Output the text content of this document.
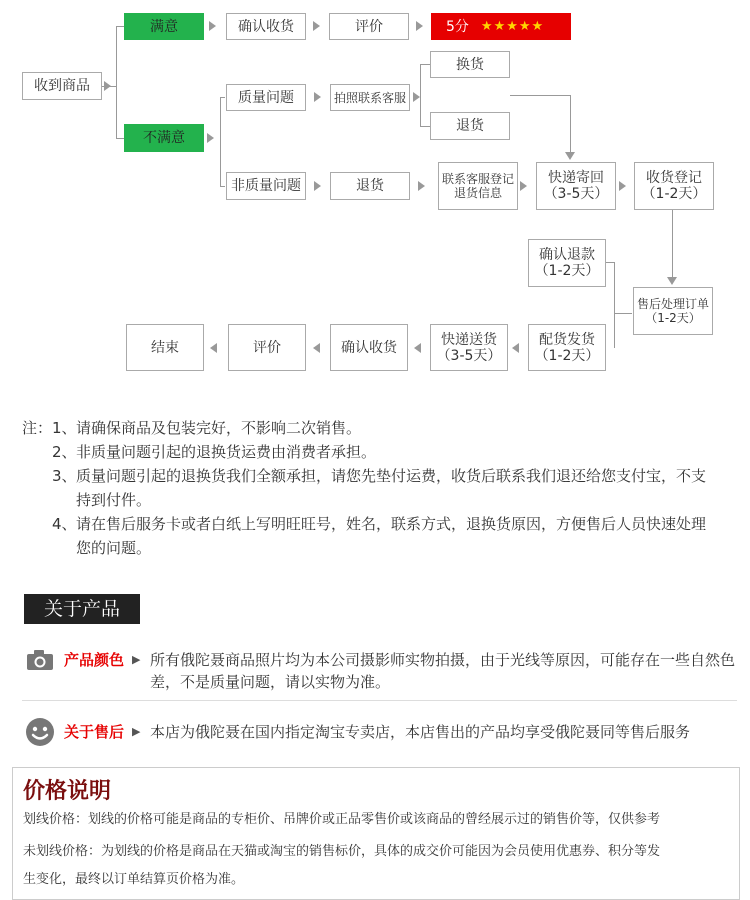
收到商品
满意	确认收货	评价	5分 ★★★★★
不满意
质量问题	拍照联系客服
换货
退货
非质量问题	退货	联系客服登记
退货信息
快递寄回
（3-5天）
收货登记
（1-2天）
确认退款
（1-2天）
售后处理订单
（1-2天）
配货发货
（1-2天）
快递送货
（3-5天）
确认收货
评价
结束
注： 1、 请确保商品及包装完好，不影响二次销售。
2、 非质量问题引起的退换货运费由消费者承担。
3、 质量问题引起的退换货我们全额承担，请您先垫付运费，收货后联系我们退还给您支付宝，不支持到付件。
4、 请在售后服务卡或者白纸上写明旺旺号，姓名，联系方式，退换货原因，方便售后人员快速处理您的问题。
关于产品
产品颜色 ▶ 所有俄陀聂商品照片均为本公司摄影师实物拍摄，由于光线等原因，可能存在一些自然色差，不是质量问题，请以实物为准。
关于售后 ▶ 本店为俄陀聂在国内指定淘宝专卖店，本店售出的产品均享受俄陀聂同等售后服务
价格说明
划线价格：划线的价格可能是商品的专柜价、吊牌价或正品零售价或该商品的曾经展示过的销售价等，仅供参考
未划线价格：为划线的价格是商品在天猫或淘宝的销售标价，具体的成交价可能因为会员使用优惠券、积分等发
生变化，最终以订单结算页价格为准。
